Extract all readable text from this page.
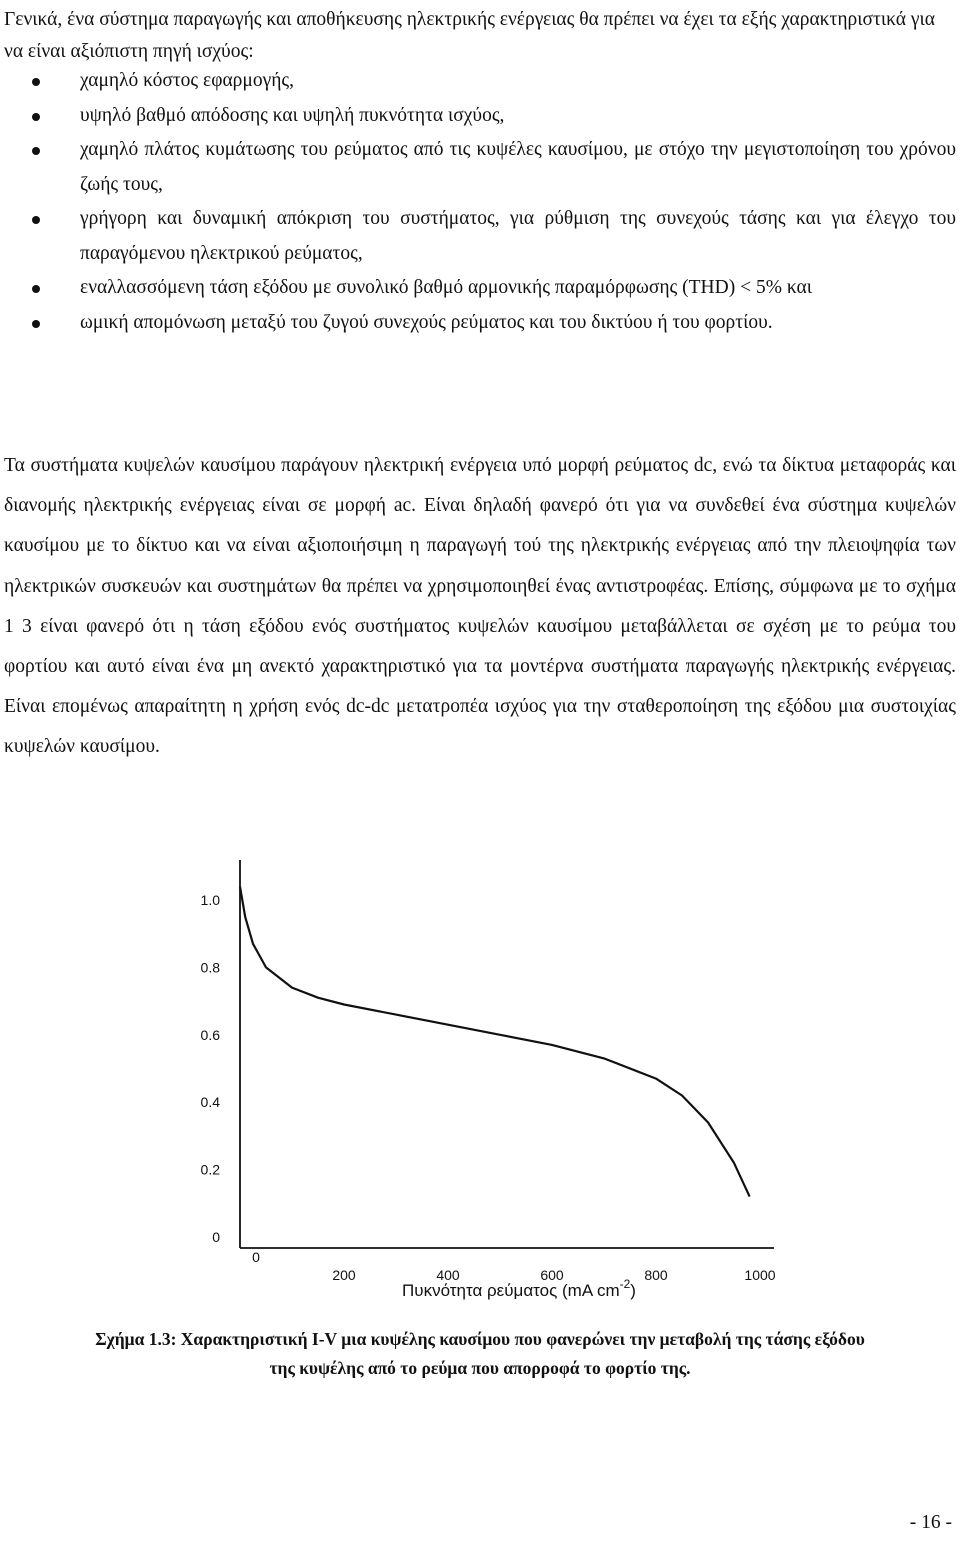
Γενικά, ένα σύστημα παραγωγής και αποθήκευσης ηλεκτρικής ενέργειας θα πρέπει να έχει τα εξής χαρακτηριστικά για να είναι αξιόπιστη πηγή ισχύος:

χαμηλό κόστος εφαρμογής,
υψηλό βαθμό απόδοσης και υψηλή πυκνότητα ισχύος,
χαμηλό πλάτος κυμάτωσης του ρεύματος από τις κυψέλες καυσίμου, με στόχο την μεγιστοποίηση του χρόνου ζωής τους,
γρήγορη και δυναμική απόκριση του συστήματος, για ρύθμιση της συνεχούς τάσης και για έλεγχο του παραγόμενου ηλεκτρικού ρεύματος,
εναλλασσόμενη τάση εξόδου με συνολικό βαθμό αρμονικής παραμόρφωσης (THD) < 5% και
ωμική απομόνωση μεταξύ του ζυγού συνεχούς ρεύματος και του δικτύου ή του φορτίου.

Τα συστήματα κυψελών καυσίμου παράγουν ηλεκτρική ενέργεια υπό μορφή ρεύματος dc, ενώ τα δίκτυα μεταφοράς και διανομής ηλεκτρικής ενέργειας είναι σε μορφή ac. Είναι δηλαδή φανερό ότι για να συνδεθεί ένα σύστημα κυψελών καυσίμου με το δίκτυο και να είναι αξιοποιήσιμη η παραγωγή τού της ηλεκτρικής ενέργειας από την πλειοψηφία των ηλεκτρικών συσκευών και συστημάτων θα πρέπει να χρησιμοποιηθεί ένας αντιστροφέας. Επίσης, σύμφωνα με το σχήμα 1 3 είναι φανερό ότι η τάση εξόδου ενός συστήματος κυψελών καυσίμου μεταβάλλεται σε σχέση με το ρεύμα του φορτίου και αυτό είναι ένα μη ανεκτό χαρακτηριστικό για τα μοντέρνα συστήματα παραγωγής ηλεκτρικής ενέργειας. Είναι επομένως απαραίτητη η χρήση ενός dc-dc μετατροπέα ισχύος για την σταθεροποίηση της εξόδου μια συστοιχίας κυψελών καυσίμου.

0
0.2
0.4
0.6
0.8
1.0
0
200	400	600	800	1000
Πυκνότητα ρεύματος (mA $cm^{-2}$)
Σχήμα 1.3: Χαρακτηριστική I-V μια κυψέλης καυσίμου που φανερώνει την μεταβολή της τάσης εξόδου
της κυψέλης από το ρεύμα που απορροφά το φορτίο της.
- 16 -
